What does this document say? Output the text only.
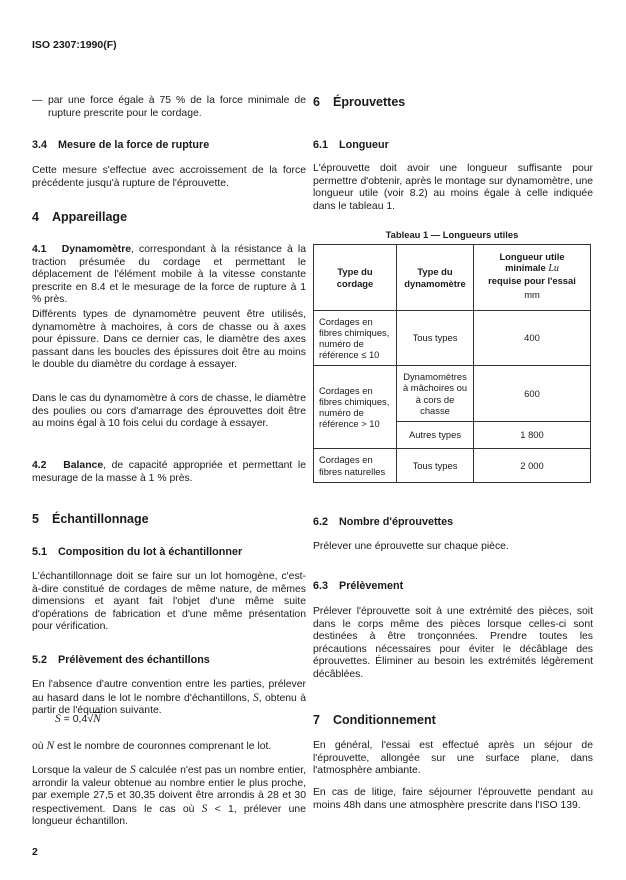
ISO 2307:1990(F)

— par une force égale à 75 % de la force minimale de rupture prescrite pour le cordage.

3.4 Mesure de la force de rupture

Cette mesure s'effectue avec accroissement de la force précédente jusqu'à rupture de l'éprouvette.

4 Appareillage

4.1 Dynamomètre, correspondant à la résistance à la traction présumée du cordage et permettant le déplacement de l'élément mobile à la vitesse constante prescrite en 8.4 et le mesurage de la force de rupture à 1 % près.

Différents types de dynamomètre peuvent être utilisés, dynamomètre à machoires, à cors de chasse ou à axes pour épissure. Dans ce dernier cas, le diamètre des axes passant dans les boucles des épissures doit être au moins le double du diamètre du cordage à essayer.

Dans le cas du dynamomètre à cors de chasse, le diamètre des poulies ou cors d'amarrage des éprouvettes doit être au moins égal à 10 fois celui du cordage à essayer.

4.2 Balance, de capacité appropriée et permettant le mesurage de la masse à 1 % près.

5 Échantillonnage
5.1 Composition du lot à échantillonner

L'échantillonnage doit se faire sur un lot homogène, c'est-à-dire constitué de cordages de même nature, de mêmes dimensions et ayant fait l'objet d'une même suite d'opérations de fabrication et d'une même présentation pour vérification.

5.2 Prélèvement des échantillons

En l'absence d'autre convention entre les parties, prélever au hasard dans le lot le nombre d'échantillons, S, obtenu à partir de l'équation suivante.

S = 0,4√N

où N est le nombre de couronnes comprenant le lot.

Lorsque la valeur de S calculée n'est pas un nombre entier, arrondir la valeur obtenue au nombre entier le plus proche, par exemple 27,5 et 30,35 doivent être arrondis à 28 et 30 respectivement. Dans le cas où S < 1, prélever une longueur échantillon.

2
6 Éprouvettes
6.1 Longueur

L'éprouvette doit avoir une longueur suffisante pour permettre d'obtenir, après le montage sur dynamomètre, une longueur utile (voir 8.2) au moins égale à celle indiquée dans le tableau 1.

Tableau 1 — Longueurs utiles
Type du cordage	Type du dynamomètre	Longueur utile minimale Lu
requise pour l'essai
mm
Cordages en fibres chimiques, numéro de référence ≤ 10	Tous types	400
Cordages en fibres chimiques, numéro de référence > 10	Dynamomètres à mâchoires ou à cors de chasse	600
	Autres types	1 800
Cordages en fibres naturelles	Tous types	2 000
6.2 Nombre d'éprouvettes

Prélever une éprouvette sur chaque pièce.

6.3 Prélèvement

Prélever l'éprouvette soit à une extrémité des pièces, soit dans le corps même des pièces lorsque celles-ci sont destinées à être tronçonnées. Prendre toutes les précautions nécessaires pour éviter le décâblage des éprouvettes. Éliminer au besoin les extrémités légèrement décâblées.

7 Conditionnement

En général, l'essai est effectué après un séjour de l'éprouvette, allongée sur une surface plane, dans l'atmosphère ambiante.

En cas de litige, faire séjourner l'éprouvette pendant au moins 48h dans une atmosphère prescrite dans l'ISO 139.
